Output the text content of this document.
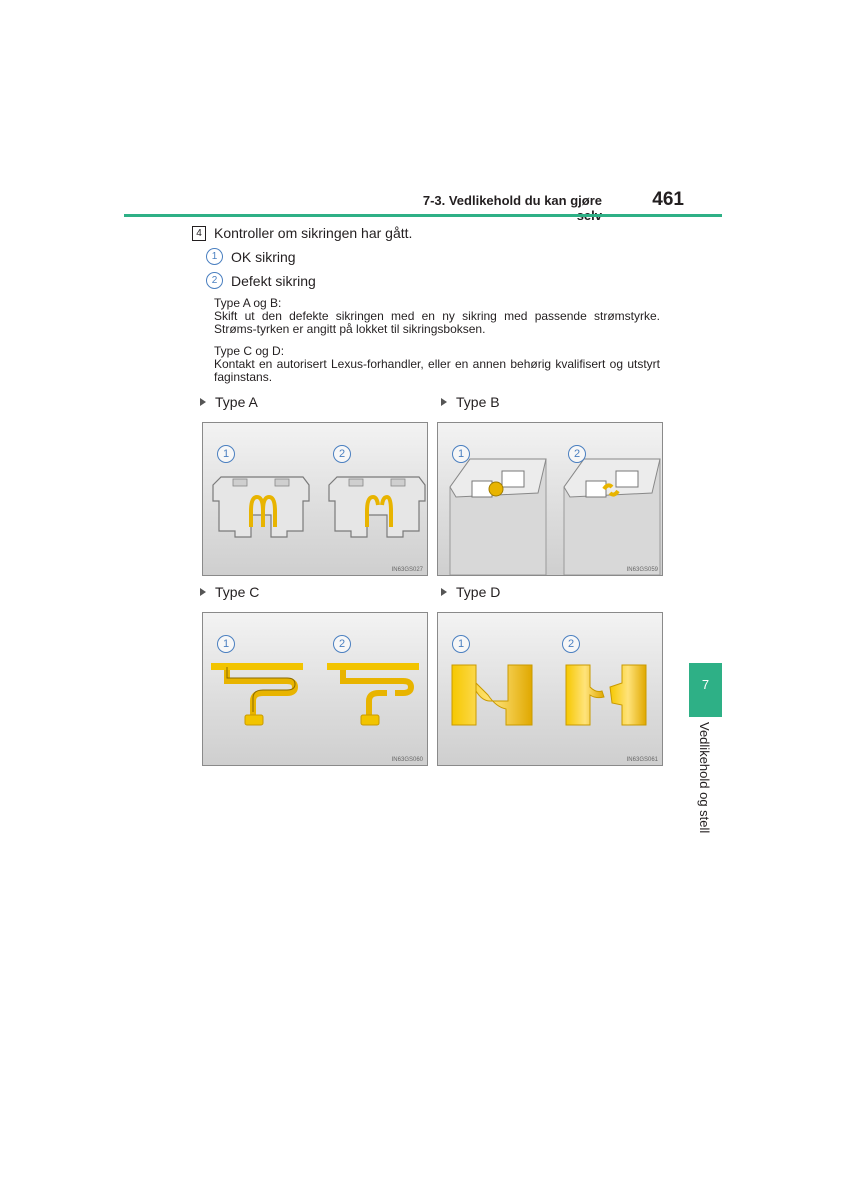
7-3. Vedlikehold du kan gjøre	461
4 Kontroller om sikringen har gått.
1 OK sikring
2 Defekt sikring
Type A og B:
Skift ut den defekte sikringen med en ny sikring med passende strømstyrke. Strøms-tyrken er angitt på lokket til sikringsboksen.
Type C og D:
Kontakt en autorisert Lexus-forhandler, eller en annen behørig kvalifisert og utstyrt faginstans.
Type A	Type B
Type C	Type D
1	2
IN63GS027
1	2
IN63GS059
1	2
IN63GS060
1	2
IN63GS061
7
Vedlikehold og stell
